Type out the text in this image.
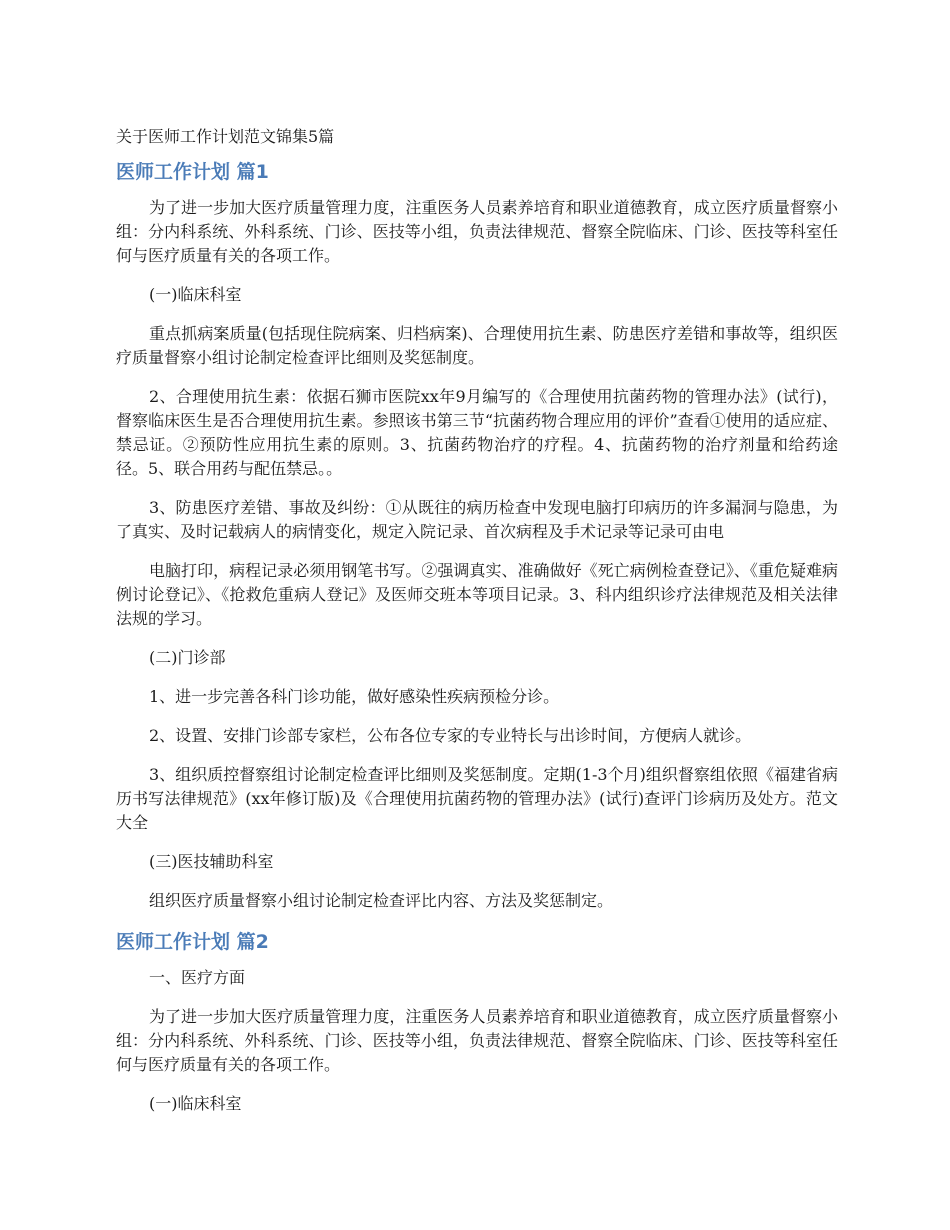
关于医师工作计划范文锦集5篇
医师工作计划 篇1

为了进一步加大医疗质量管理力度，注重医务人员素养培育和职业道德教育，成立医疗质量督察小组：分内科系统、外科系统、门诊、医技等小组，负责法律规范、督察全院临床、门诊、医技等科室任何与医疗质量有关的各项工作。

(一)临床科室

重点抓病案质量(包括现住院病案、归档病案)、合理使用抗生素、防患医疗差错和事故等，组织医疗质量督察小组讨论制定检查评比细则及奖惩制度。

2、合理使用抗生素：依据石狮市医院xx年9月编写的《合理使用抗菌药物的管理办法》(试行)，督察临床医生是否合理使用抗生素。参照该书第三节“抗菌药物合理应用的评价”查看①使用的适应症、禁忌证。②预防性应用抗生素的原则。3、抗菌药物治疗的疗程。4、抗菌药物的治疗剂量和给药途径。5、联合用药与配伍禁忌。。

3、防患医疗差错、事故及纠纷：①从既往的病历检查中发现电脑打印病历的许多漏洞与隐患，为了真实、及时记载病人的病情变化，规定入院记录、首次病程及手术记录等记录可由电

电脑打印，病程记录必须用钢笔书写。②强调真实、准确做好《死亡病例检查登记》、《重危疑难病例讨论登记》、《抢救危重病人登记》及医师交班本等项目记录。3、科内组织诊疗法律规范及相关法律法规的学习。

(二)门诊部

1、进一步完善各科门诊功能，做好感染性疾病预检分诊。

2、设置、安排门诊部专家栏，公布各位专家的专业特长与出诊时间，方便病人就诊。

3、组织质控督察组讨论制定检查评比细则及奖惩制度。定期(1-3个月)组织督察组依照《福建省病历书写法律规范》(xx年修订版)及《合理使用抗菌药物的管理办法》(试行)查评门诊病历及处方。范文大全

(三)医技辅助科室

组织医疗质量督察小组讨论制定检查评比内容、方法及奖惩制定。

医师工作计划 篇2

一、医疗方面

为了进一步加大医疗质量管理力度，注重医务人员素养培育和职业道德教育，成立医疗质量督察小组：分内科系统、外科系统、门诊、医技等小组，负责法律规范、督察全院临床、门诊、医技等科室任何与医疗质量有关的各项工作。

(一)临床科室
